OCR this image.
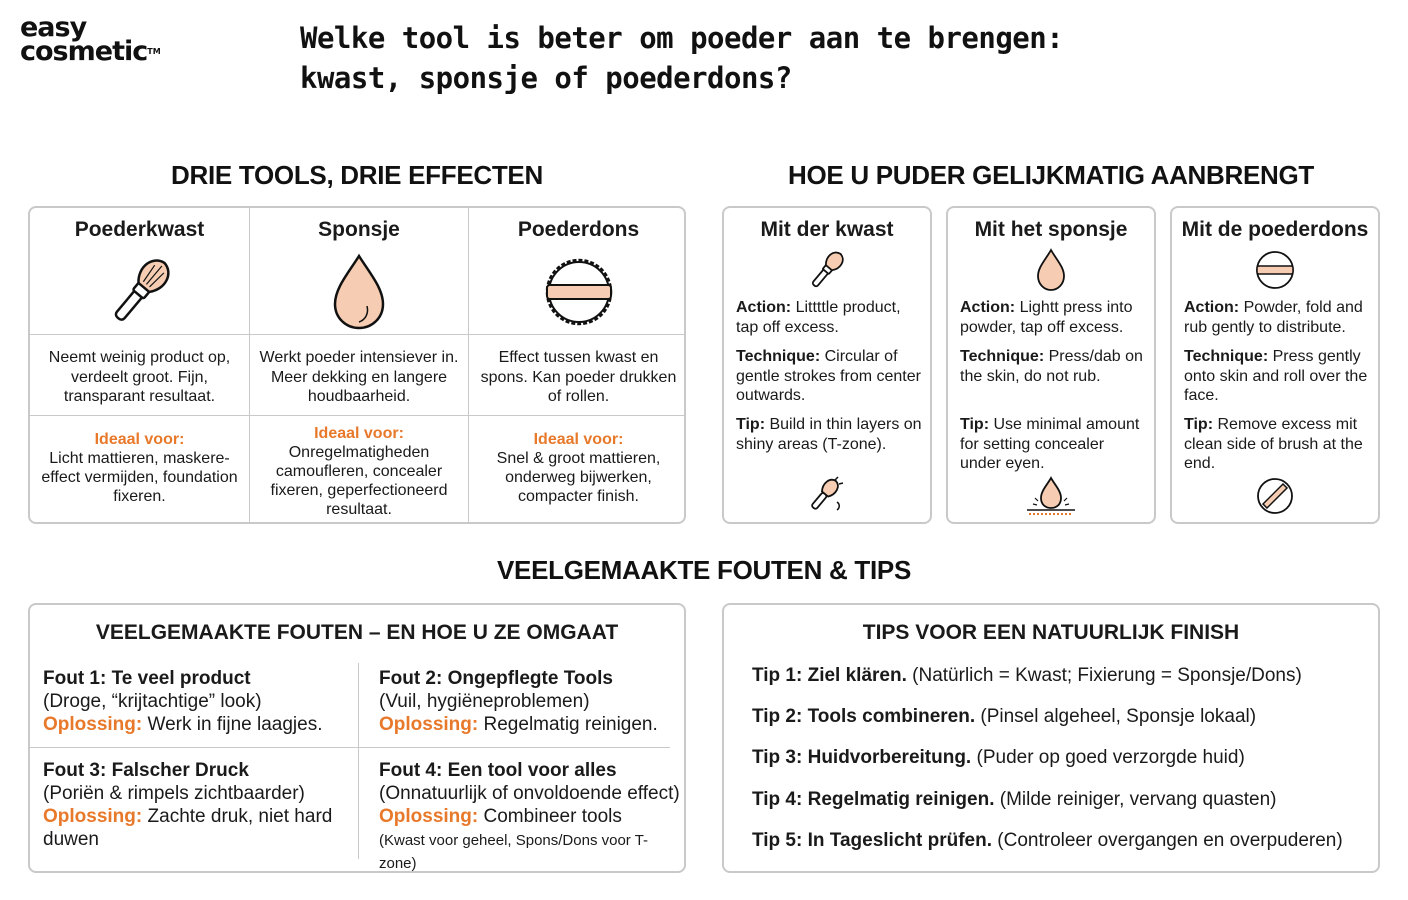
easy
cosmetic™	Welke tool is beter om poeder aan te brengen: kwast, sponsje of poederdons?
DRIE TOOLS, DRIE EFFECTEN	HOE U PUDER GELIJKMATIG AANBRENGT
VEELGEMAAKTE FOUTEN & TIPS
Poederkwast
Neemt weinig product op, verdeelt groot. Fijn, transparant resultaat.
Ideaal voor:
Licht mattieren, maskere-effect vermijden, foundation fixeren.
Sponsje
Werkt poeder intensiever in. Meer dekking en langere houdbaarheid.
Ideaal voor:
Onregelmatigheden camoufleren, concealer fixeren, geperfectioneerd resultaat.
Poederdons
Effect tussen kwast en spons. Kan poeder drukken of rollen.
Ideaal voor:
Snel & groot mattieren, onderweg bijwerken, compacter finish.
Mit der kwast
Action: Littttle product, tap off excess.
Technique: Circular of gentle strokes from center outwards.
Tip: Build in thin layers on shiny areas (T-zone).
Mit het sponsje
Action: Lightt press into powder, tap off excess.
Technique: Press/dab on the skin, do not rub.
Tip: Use minimal amount for setting concealer under eyen.
Mit de poederdons
Action: Powder, fold and rub gently to distribute.
Technique: Press gently onto skin and roll over the face.
Tip: Remove excess mit clean side of brush at the end.
VEELGEMAAKTE FOUTEN – EN HOE U ZE OMGAAT
Fout 1: Te veel product
(Droge, “krijtachtige” look)
Oplossing: Werk in fijne laagjes.
Fout 2: Ongepflegte Tools
(Vuil, hygiëneproblemen)
Oplossing: Regelmatig reinigen.
Fout 3: Falscher Druck
(Poriën & rimpels zichtbaarder)
Oplossing: Zachte druk, niet hard duwen
Fout 4: Een tool voor alles
(Onnatuurlijk of onvoldoende effect)
Oplossing: Combineer tools
(Kwast voor geheel, Spons/Dons voor T-zone)
TIPS VOOR EEN NATUURLIJK FINISH
Tip 1: Ziel klären. (Natürlich = Kwast; Fixierung = Sponsje/Dons)
Tip 2: Tools combineren. (Pinsel algeheel, Sponsje lokaal)
Tip 3: Huidvorbereitung. (Puder op goed verzorgde huid)
Tip 4: Regelmatig reinigen. (Milde reiniger, vervang quasten)
Tip 5: In Tageslicht prüfen. (Controleer overgangen en overpuderen)
